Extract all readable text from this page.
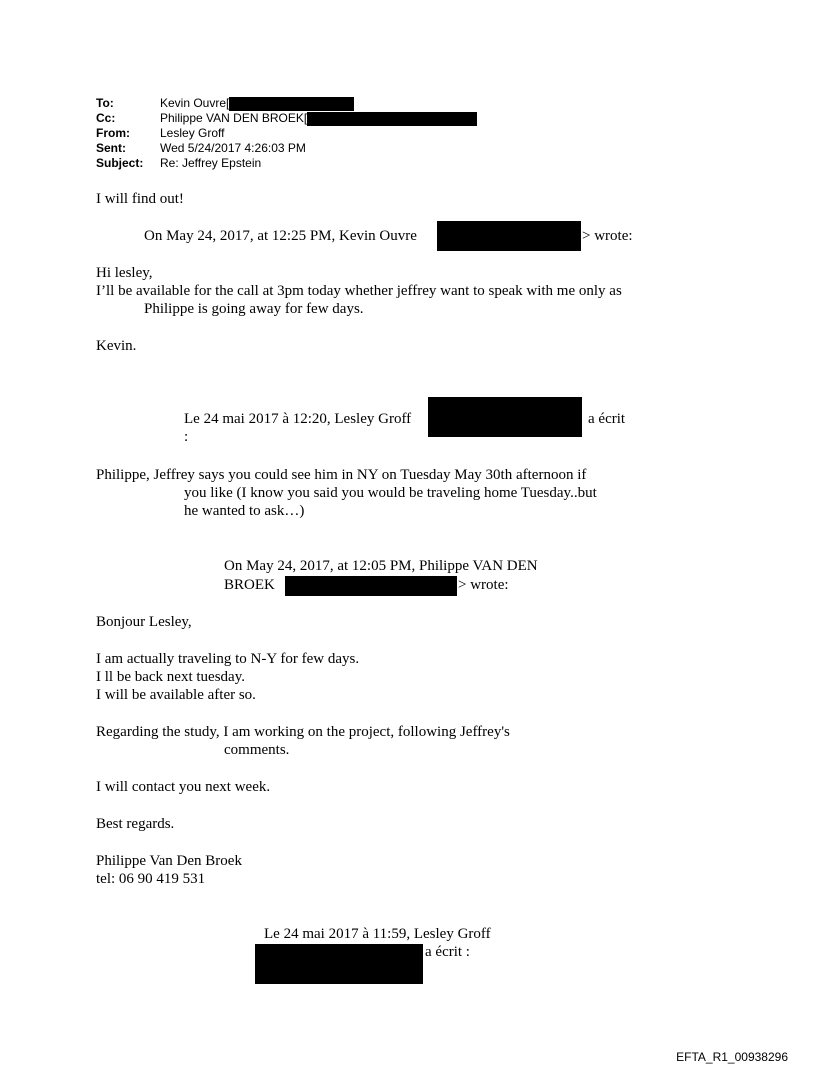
To:	Kevin Ouvre[
Cc:	Philippe VAN DEN BROEK[
From:	Lesley Groff
Sent:	Wed 5/24/2017 4:26:03 PM
Subject:	Re: Jeffrey Epstein
I will find out!
On May 24, 2017, at 12:25 PM, Kevin Ouvre	> wrote:
Hi lesley,
I’ll be available for the call at 3pm today whether jeffrey want to speak with me only as
Philippe is going away for few days.
Kevin.
Le 24 mai 2017 à 12:20, Lesley Groff	a écrit
:
Philippe, Jeffrey says you could see him in NY on Tuesday May 30th afternoon if
you like (I know you said you would be traveling home Tuesday..but
he wanted to ask…)
On May 24, 2017, at 12:05 PM, Philippe VAN DEN
BROEK	> wrote:
Bonjour Lesley,
I am actually traveling to N-Y for few days.
I ll be back next tuesday.
I will be available after so.
Regarding the study, I am working on the project, following Jeffrey's
comments.
I will contact you next week.
Best regards.
Philippe Van Den Broek
tel: 06 90 419 531
Le 24 mai 2017 à 11:59, Lesley Groff
a écrit :
EFTA_R1_00938296
